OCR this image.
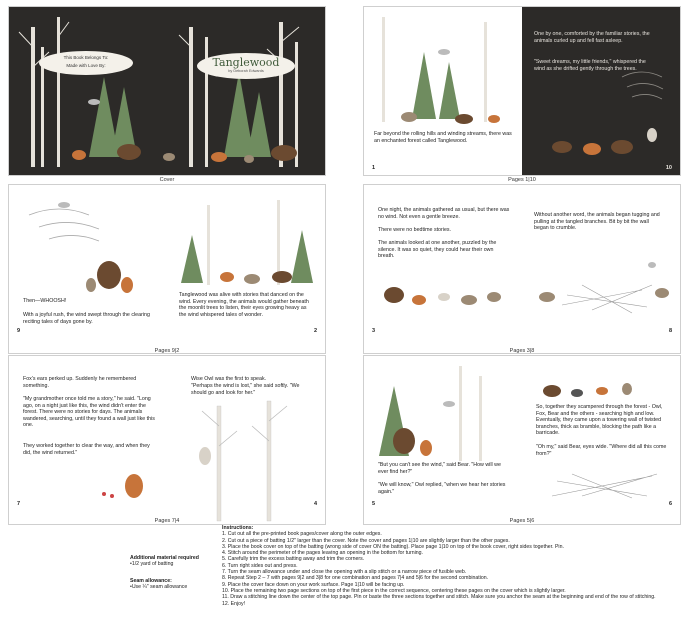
This Book Belongs To:
Made with Love By:	Tanglewood
by Deborah Edwards
Cover
Far beyond the rolling hills and winding streams, there was an enchanted forest called Tanglewood.
1
One by one, comforted by the familiar stories, the animals curled up and fell fast asleep.
"Sweet dreams, my little friends," whispered the wind as she drifted gently through the trees.
10
Pages 1|10
Then—WHOOSH!
With a joyful rush, the wind swept through the clearing reciting tales of days gone by.
9
Tanglewood was alive with stories that danced on the wind. Every evening, the animals would gather beneath the moonlit trees to listen, their eyes growing heavy as the wind whispered tales of wonder.
2
Pages 9|2
One night, the animals gathered as usual, but there was no wind. Not even a gentle breeze.
There were no bedtime stories.
The animals looked at one another, puzzled by the silence. It was so quiet, they could hear their own breath.
3
Without another word, the animals began tugging and pulling at the tangled branches. Bit by bit the wall began to crumble.
8
Pages 3|8
Fox's ears perked up. Suddenly he remembered something.
"My grandmother once told me a story," he said. "Long ago, on a night just like this, the wind didn't enter the forest. There were no stories for days. The animals wandered, searching, until they found a wall just like this one.
They worked together to clear the way, and when they did, the wind returned."
7
Wise Owl was the first to speak.
"Perhaps the wind is lost," she said softly. "We should go and look for her."
4
Pages 7|4
"But you can't see the wind," said Bear. "How will we ever find her?"
"We will know," Owl replied, "when we hear her stories again."
5
So, together they scampered through the forest - Owl, Fox, Bear and the others - searching high and low. Eventually, they came upon a towering wall of twisted branches, thick as bramble, blocking the path like a barricade.
"Oh my," said Bear, eyes wide. "Where did all this come from?"
6
Pages 5|6
Additional material required
•1/2 yard of batting
Seam allowance:
•Use ¼" seam allowance
Instructions:
1. Cut out all the pre-printed book pages/cover along the outer edges.
2. Cut out a piece of batting 1/2" larger than the cover. Note the cover and pages 1|10 are slightly larger than the other pages.
3. Place the book cover on top of the batting (wrong side of cover ON the batting). Place page 1|10 on top of the book cover, right sides together. Pin.
4. Stitch around the perimeter of the pages leaving an opening in the bottom for turning.
5. Carefully trim the excess batting away and trim the corners.
6. Turn right sides out and press.
7. Turn the seam allowance under and close the opening with a slip stitch or a narrow piece of fusible web.
8. Repeat Step 2 – 7 with pages 9|2 and 3|8 for one combination and pages 7|4 and 5|6 for the second combination.
9. Place the cover face down on your work surface. Page 1|10 will be facing up.
10. Place the remaining two page sections on top of the first piece in the correct sequence, centering these pages on the cover which is slightly larger.
11. Draw a stitching line down the center of the top page. Pin or baste the three sections together and stitch. Make sure you anchor the seam at the beginning and end of the row of stitching.
12. Enjoy!
